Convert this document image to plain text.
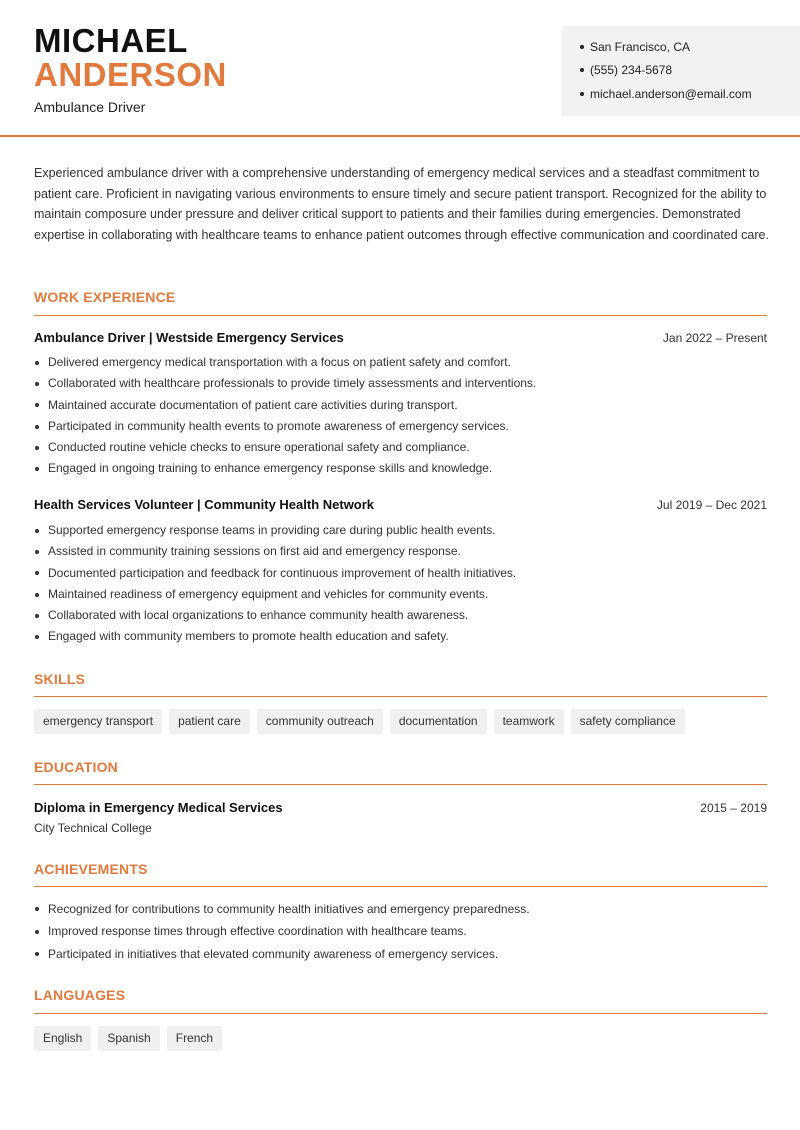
MICHAEL
ANDERSON
Ambulance Driver
San Francisco, CA
(555) 234-5678
michael.anderson@email.com

Experienced ambulance driver with a comprehensive understanding of emergency medical services and a steadfast commitment to patient care. Proficient in navigating various environments to ensure timely and secure patient transport. Recognized for the ability to maintain composure under pressure and deliver critical support to patients and their families during emergencies. Demonstrated expertise in collaborating with healthcare teams to enhance patient outcomes through effective communication and coordinated care.

WORK EXPERIENCE
Ambulance Driver | Westside Emergency Services	Jan 2022 – Present
Delivered emergency medical transportation with a focus on patient safety and comfort.
Collaborated with healthcare professionals to provide timely assessments and interventions.
Maintained accurate documentation of patient care activities during transport.
Participated in community health events to promote awareness of emergency services.
Conducted routine vehicle checks to ensure operational safety and compliance.
Engaged in ongoing training to enhance emergency response skills and knowledge.
Health Services Volunteer | Community Health Network	Jul 2019 – Dec 2021
Supported emergency response teams in providing care during public health events.
Assisted in community training sessions on first aid and emergency response.
Documented participation and feedback for continuous improvement of health initiatives.
Maintained readiness of emergency equipment and vehicles for community events.
Collaborated with local organizations to enhance community health awareness.
Engaged with community members to promote health education and safety.
SKILLS
emergency transport	patient care	community outreach	documentation	teamwork	safety compliance
EDUCATION
Diploma in Emergency Medical Services	2015 – 2019
City Technical College
ACHIEVEMENTS
Recognized for contributions to community health initiatives and emergency preparedness.
Improved response times through effective coordination with healthcare teams.
Participated in initiatives that elevated community awareness of emergency services.
LANGUAGES
English	Spanish	French
